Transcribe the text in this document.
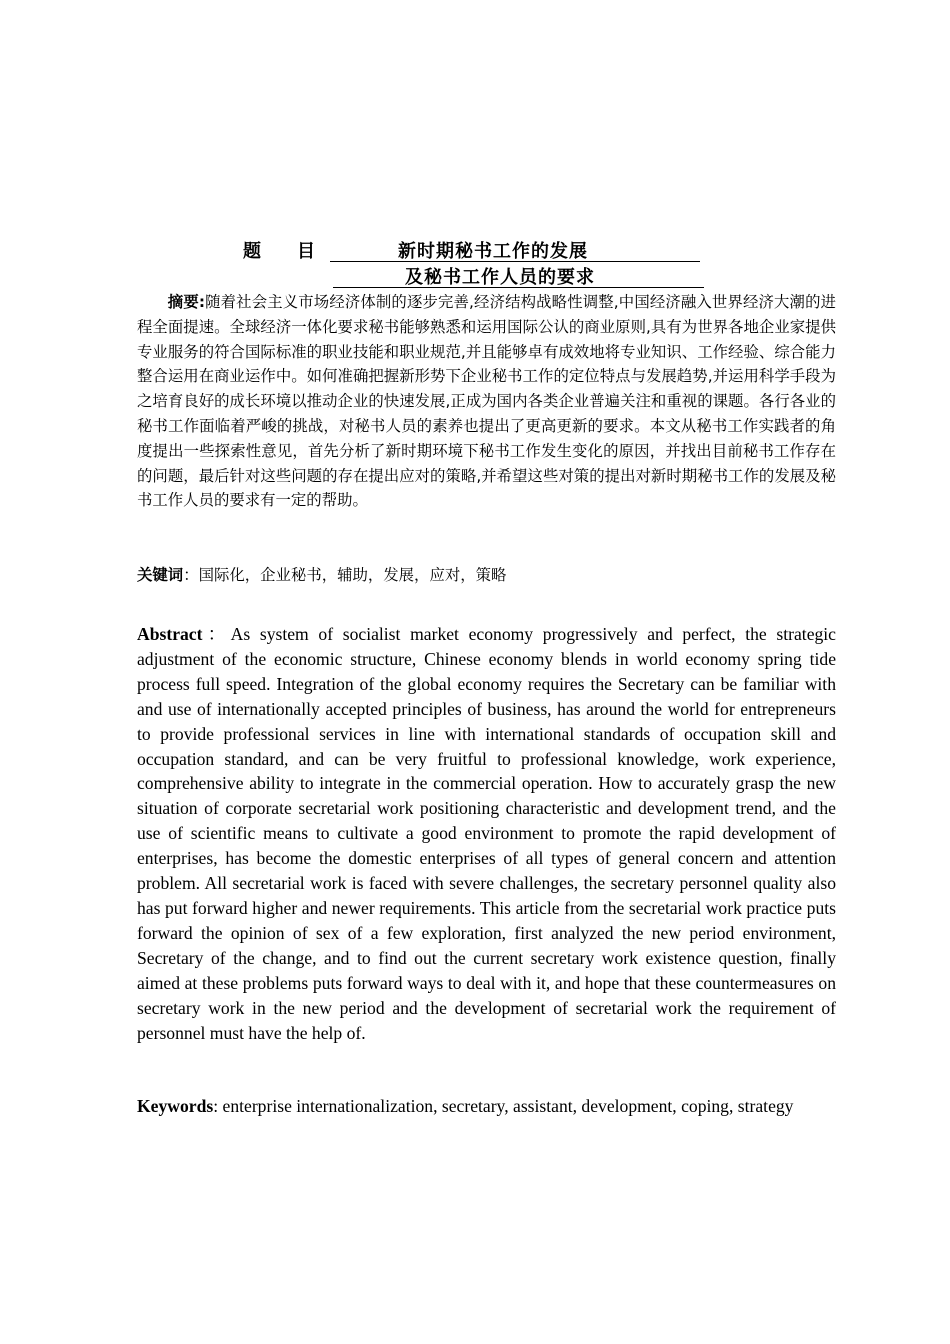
题　　目	新时期秘书工作的发展
及秘书工作人员的要求
摘要:随着社会主义市场经济体制的逐步完善,经济结构战略性调整,中国经济融入世界经济大潮的进程全面提速。全球经济一体化要求秘书能够熟悉和运用国际公认的商业原则,具有为世界各地企业家提供专业服务的符合国际标准的职业技能和职业规范,并且能够卓有成效地将专业知识、工作经验、综合能力整合运用在商业运作中。如何准确把握新形势下企业秘书工作的定位特点与发展趋势,并运用科学手段为之培育良好的成长环境以推动企业的快速发展,正成为国内各类企业普遍关注和重视的课题。各行各业的秘书工作面临着严峻的挑战，对秘书人员的素养也提出了更高更新的要求。本文从秘书工作实践者的角度提出一些探索性意见，首先分析了新时期环境下秘书工作发生变化的原因，并找出目前秘书工作存在的问题，最后针对这些问题的存在提出应对的策略,并希望这些对策的提出对新时期秘书工作的发展及秘书工作人员的要求有一定的帮助。
关键词：国际化，企业秘书，辅助，发展，应对，策略
Abstract：As system of socialist market economy progressively and perfect, the strategic adjustment of the economic structure, Chinese economy blends in world economy spring tide process full speed. Integration of the global economy requires the Secretary can be familiar with and use of internationally accepted principles of business, has around the world for entrepreneurs to provide professional services in line with international standards of occupation skill and occupation standard, and can be very fruitful to professional knowledge, work experience, comprehensive ability to integrate in the commercial operation. How to accurately grasp the new situation of corporate secretarial work positioning characteristic and development trend, and the use of scientific means to cultivate a good environment to promote the rapid development of enterprises, has become the domestic enterprises of all types of general concern and attention problem. All secretarial work is faced with severe challenges, the secretary personnel quality also has put forward higher and newer requirements. This article from the secretarial work practice puts forward the opinion of sex of a few exploration, first analyzed the new period environment, Secretary of the change, and to find out the current secretary work existence question, finally aimed at these problems puts forward ways to deal with it, and hope that these countermeasures on secretary work in the new period and the development of secretarial work the requirement of personnel must have the help of.
Keywords: enterprise internationalization, secretary, assistant, development, coping, strategy
